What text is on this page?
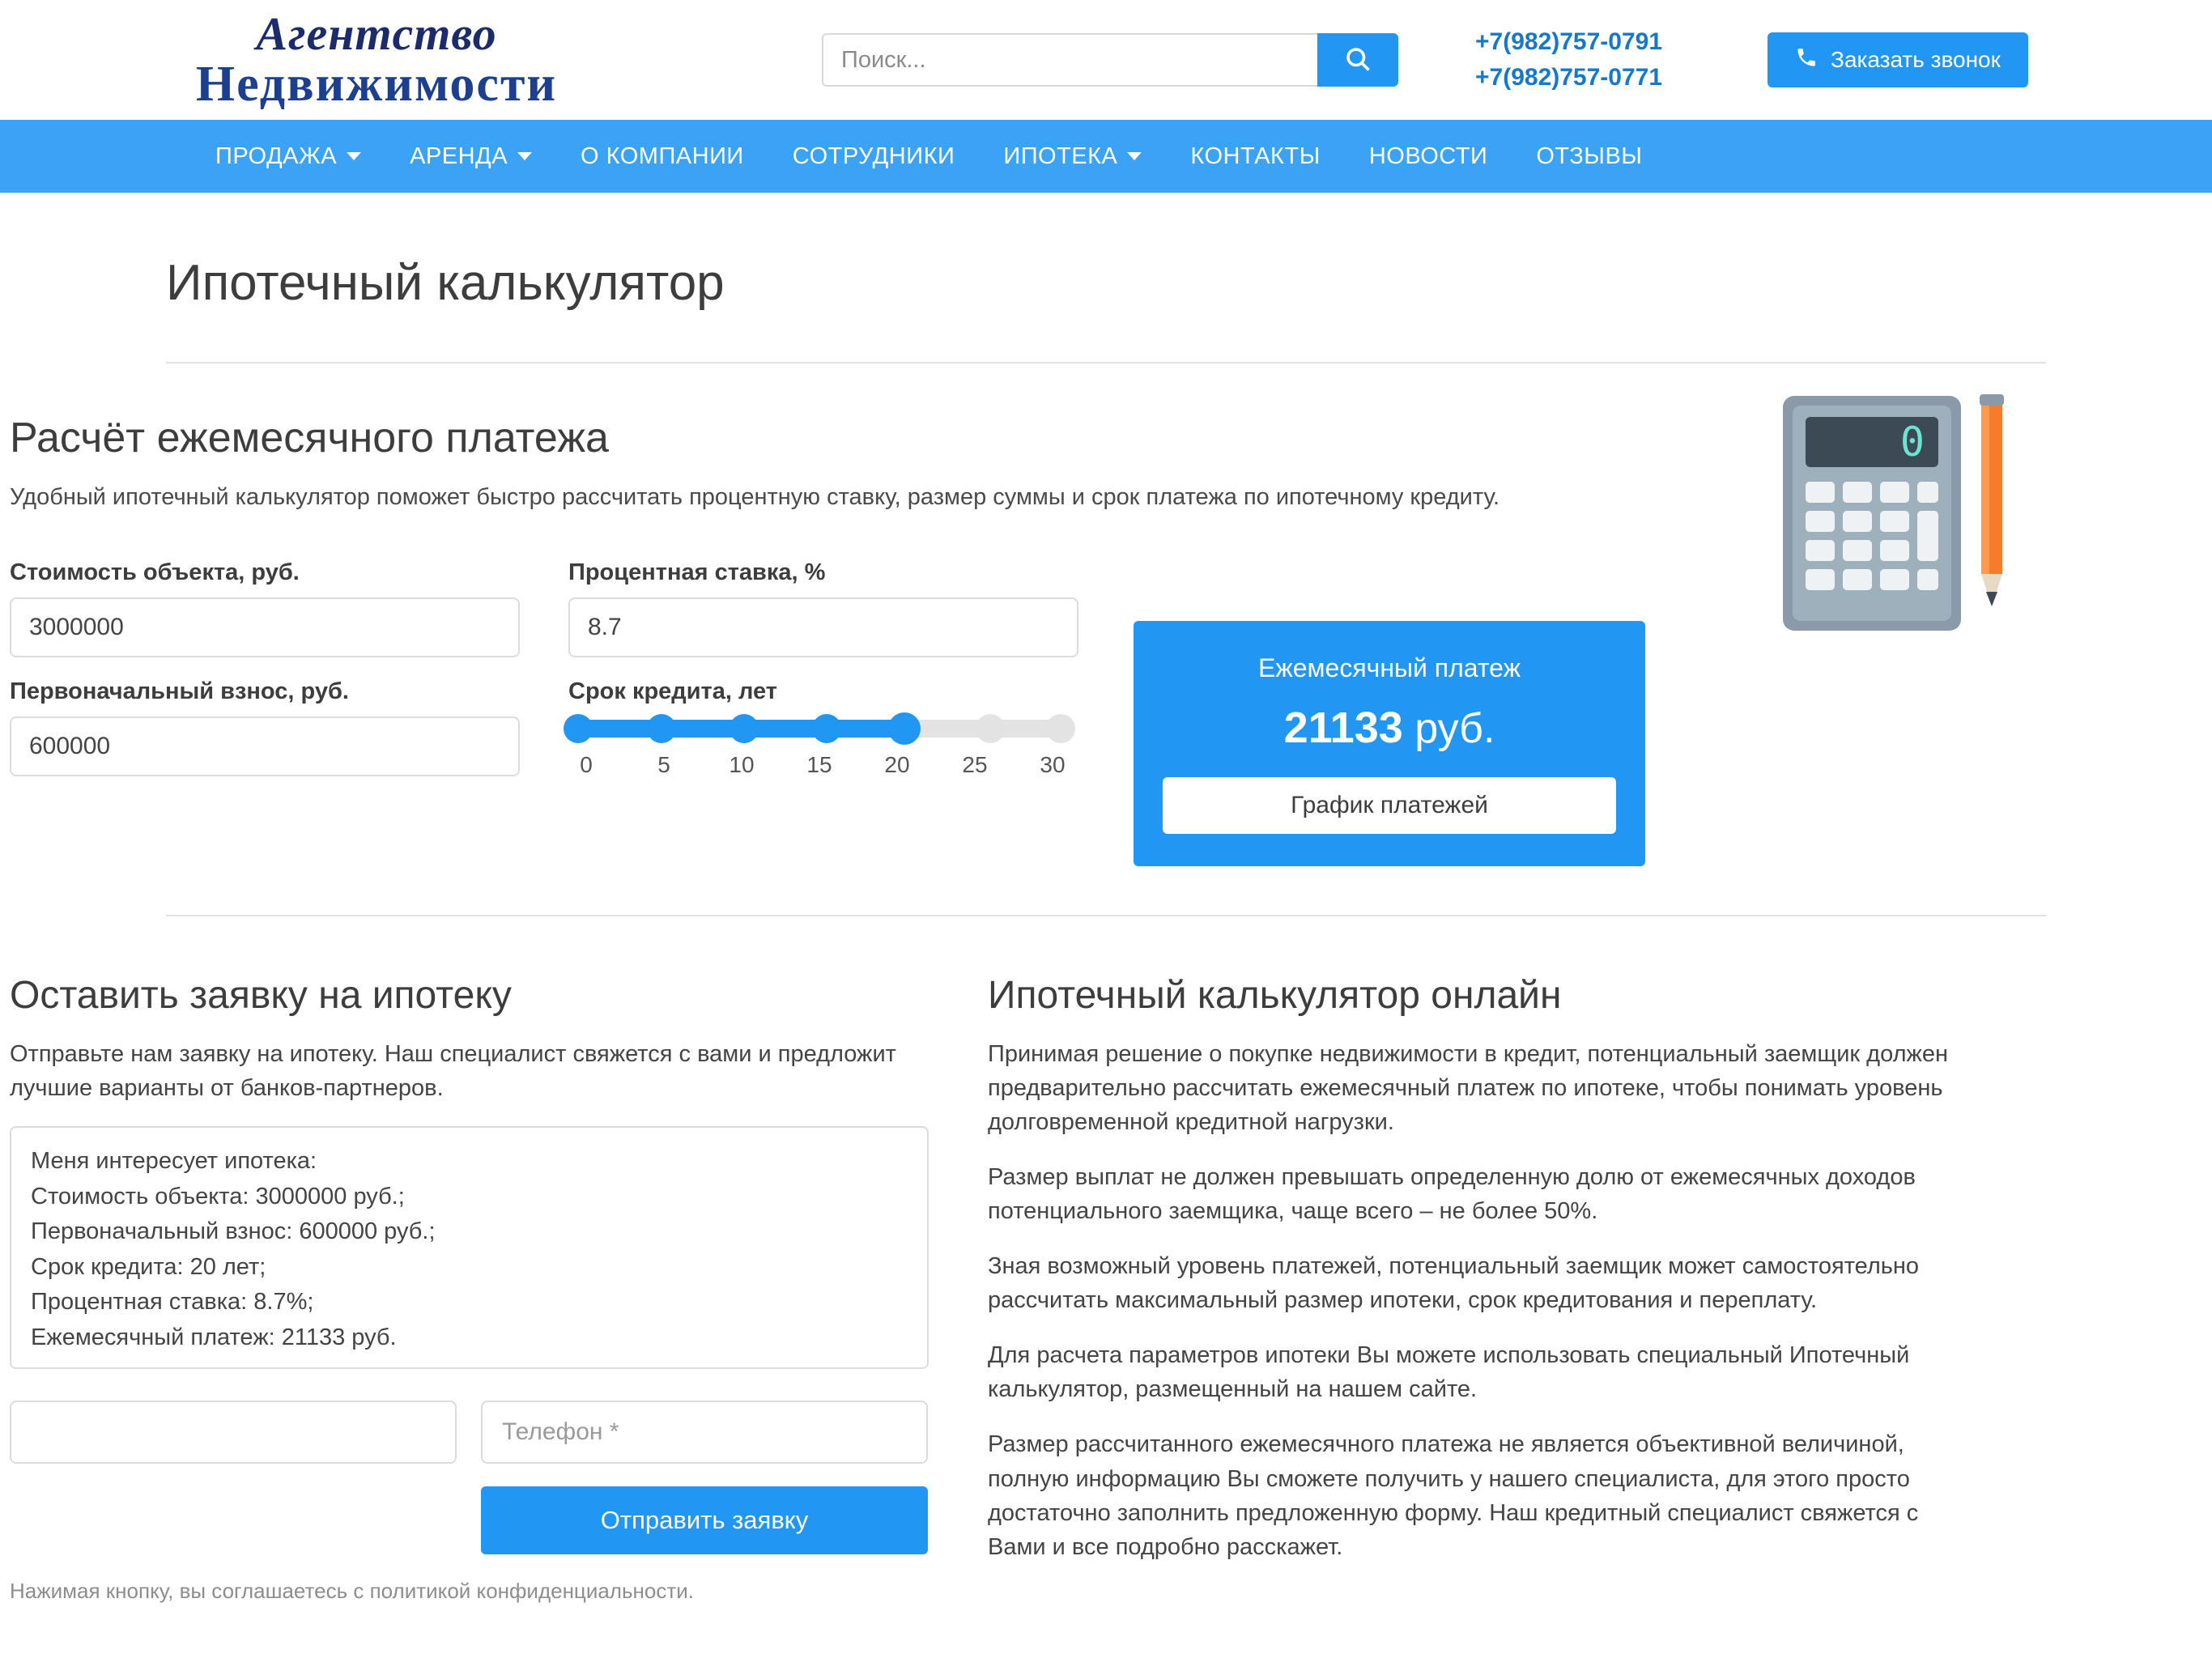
Агентство
Недвижимости
Поиск...
+7(982)757-0791
+7(982)757-0771
Заказать звонок
ПРОДАЖА	АРЕНДА	О КОМПАНИИ СОТРУДНИКИ ИПОТЕКА	КОНТАКТЫ НОВОСТИ ОТЗЫВЫ
Ипотечный калькулятор
0
Расчёт ежемесячного платежа

Удобный ипотечный калькулятор поможет быстро рассчитать процентную ставку, размер суммы и срок платежа по ипотечному кредиту.

Стоимость объекта, руб.
3000000
Первоначальный взнос, руб.
600000
Процентная ставка, %
8.7
Срок кредита, лет
0	5	10 15 20 25 30
Ежемесячный платеж
21133 руб.
График платежей
Оставить заявку на ипотеку

Отправьте нам заявку на ипотеку. Наш специалист свяжется с вами и предложит лучшие варианты от банков-партнеров.

Меня интересует ипотека: Стоимость объекта: 3000000 руб.; Первоначальный взнос: 600000 руб.; Срок кредита: 20 лет; Процентная ставка: 8.7%; Ежемесячный платеж: 21133 руб.
Телефон *
Отправить заявку
Нажимая кнопку, вы соглашаетесь с политикой конфиденциальности.
Ипотечный калькулятор онлайн

Принимая решение о покупке недвижимости в кредит, потенциальный заемщик должен предварительно рассчитать ежемесячный платеж по ипотеке, чтобы понимать уровень долговременной кредитной нагрузки.

Размер выплат не должен превышать определенную долю от ежемесячных доходов потенциального заемщика, чаще всего – не более 50%.

Зная возможный уровень платежей, потенциальный заемщик может самостоятельно рассчитать максимальный размер ипотеки, срок кредитования и переплату.

Для расчета параметров ипотеки Вы можете использовать специальный Ипотечный калькулятор, размещенный на нашем сайте.

Размер рассчитанного ежемесячного платежа не является объективной величиной, полную информацию Вы сможете получить у нашего специалиста, для этого просто достаточно заполнить предложенную форму. Наш кредитный специалист свяжется с Вами и все подробно расскажет.
